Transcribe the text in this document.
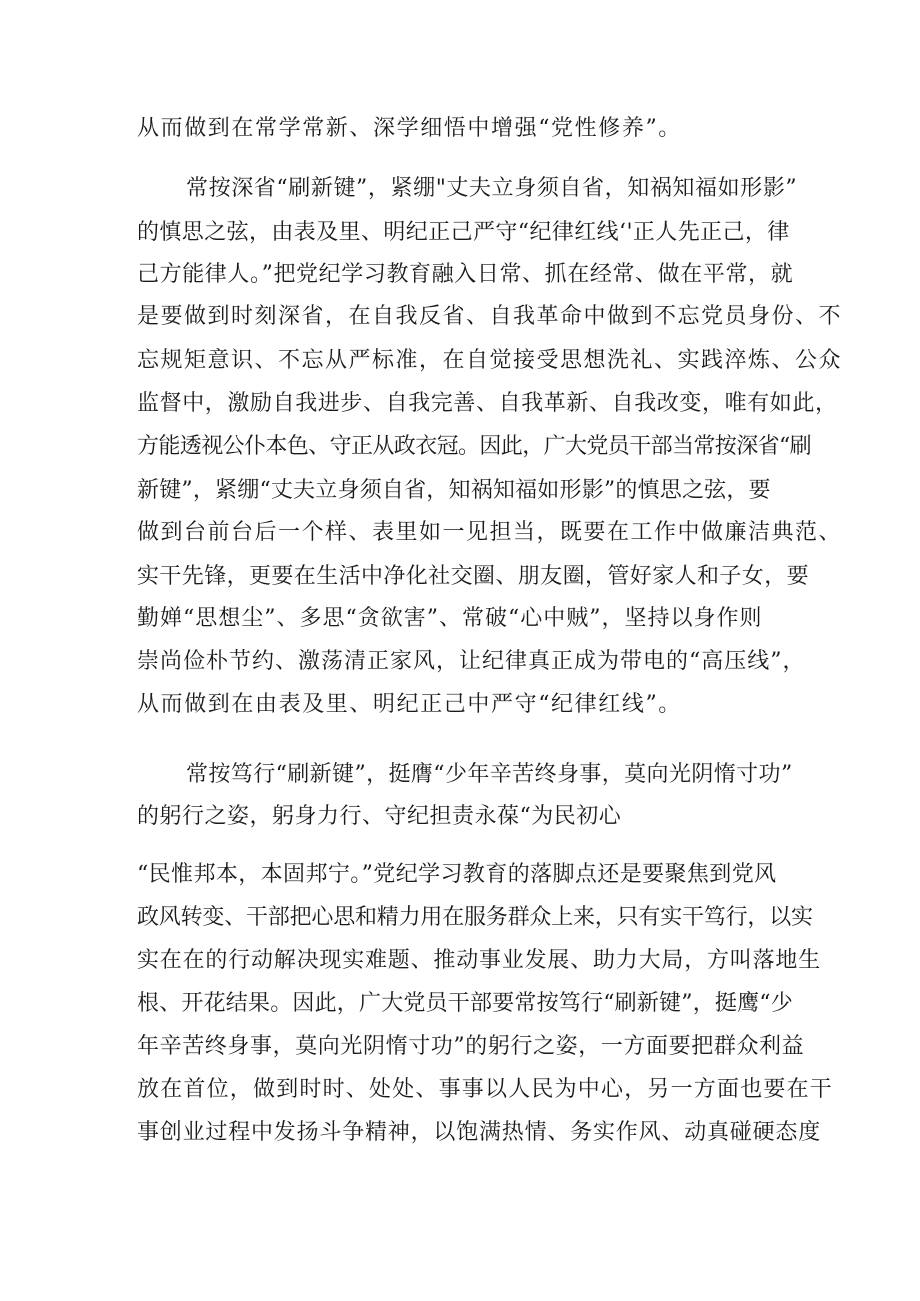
从而做到在常学常新、深学细悟中增强“党性修养”。
常按深省“刷新键”，紧绷"丈夫立身须自省，知祸知福如形影”
的慎思之弦，由表及里、明纪正己严守“纪律红线‘'正人先正己，律
己方能律人。”把党纪学习教育融入日常、抓在经常、做在平常，就
是要做到时刻深省，在自我反省、自我革命中做到不忘党员身份、不
忘规矩意识、不忘从严标准，在自觉接受思想洗礼、实践淬炼、公众
监督中，激励自我进步、自我完善、自我革新、自我改变，唯有如此，
方能透视公仆本色、守正从政衣冠。因此，广大党员干部当常按深省“刷
新键”，紧绷“丈夫立身须自省，知祸知福如形影”的慎思之弦，要
做到台前台后一个样、表里如一见担当，既要在工作中做廉洁典范、
实干先锋，更要在生活中净化社交圈、朋友圈，管好家人和子女，要
勤婵“思想尘”、多思“贪欲害”、常破“心中贼”，坚持以身作则
崇尚俭朴节约、激荡清正家风，让纪律真正成为带电的“高压线”，
从而做到在由表及里、明纪正己中严守“纪律红线”。
常按笃行“刷新键”，挺膺“少年辛苦终身事，莫向光阴惰寸功”
的躬行之姿，躬身力行、守纪担责永葆“为民初心
“民惟邦本，本固邦宁。”党纪学习教育的落脚点还是要聚焦到党风
政风转变、干部把心思和精力用在服务群众上来，只有实干笃行，以实
实在在的行动解决现实难题、推动事业发展、助力大局，方叫落地生
根、开花结果。因此，广大党员干部要常按笃行“刷新键”，挺鹰“少
年辛苦终身事，莫向光阴惰寸功”的躬行之姿，一方面要把群众利益
放在首位，做到时时、处处、事事以人民为中心，另一方面也要在干
事创业过程中发扬斗争精神，以饱满热情、务实作风、动真碰硬态度
